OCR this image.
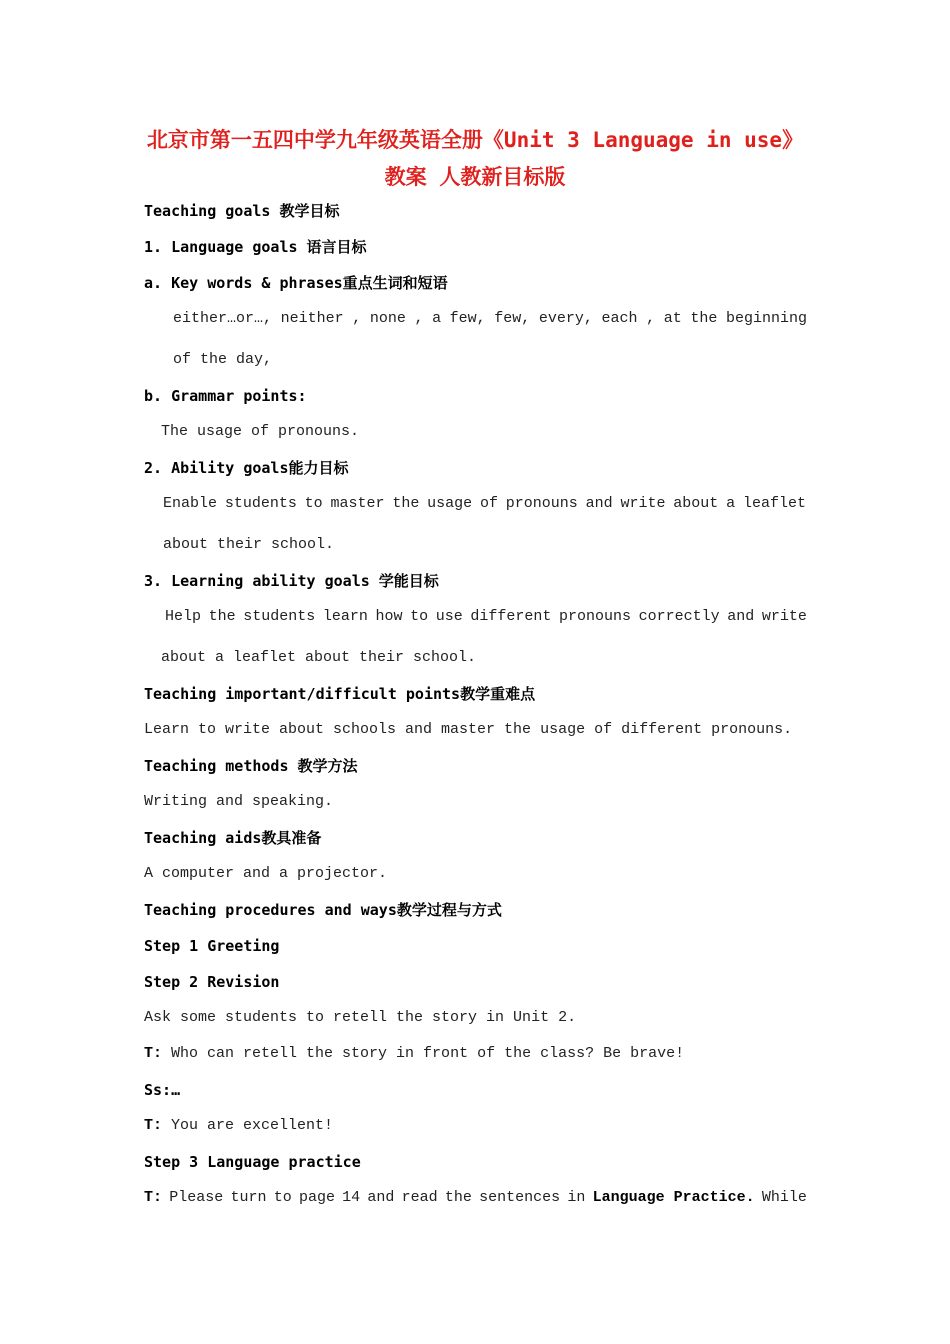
北京市第一五四中学九年级英语全册《Unit 3 Language in use》
教案 人教新目标版
Teaching goals 教学目标
1. Language goals 语言目标
a. Key words & phrases重点生词和短语
either…or…, neither , none , a few, few, every, each , at the beginning
of the day,
b. Grammar points:
The usage of pronouns.
2. Ability goals能力目标
Enable students to master the usage of pronouns and write about a leaflet
about their school.
3. Learning ability goals 学能目标
Help the students learn how to use different pronouns correctly and write
about a leaflet about their school.
Teaching important/difficult points教学重难点
Learn to write about schools and master the usage of different pronouns.
Teaching methods 教学方法
Writing and speaking.
Teaching aids教具准备
A computer and a projector.
Teaching procedures and ways教学过程与方式
Step 1 Greeting
Step 2 Revision
Ask some students to retell the story in Unit 2.
T: Who can retell the story in front of the class? Be brave!
Ss:…
T: You are excellent!
Step 3 Language practice
T: Please turn to page 14 and read the sentences in Language Practice. While
